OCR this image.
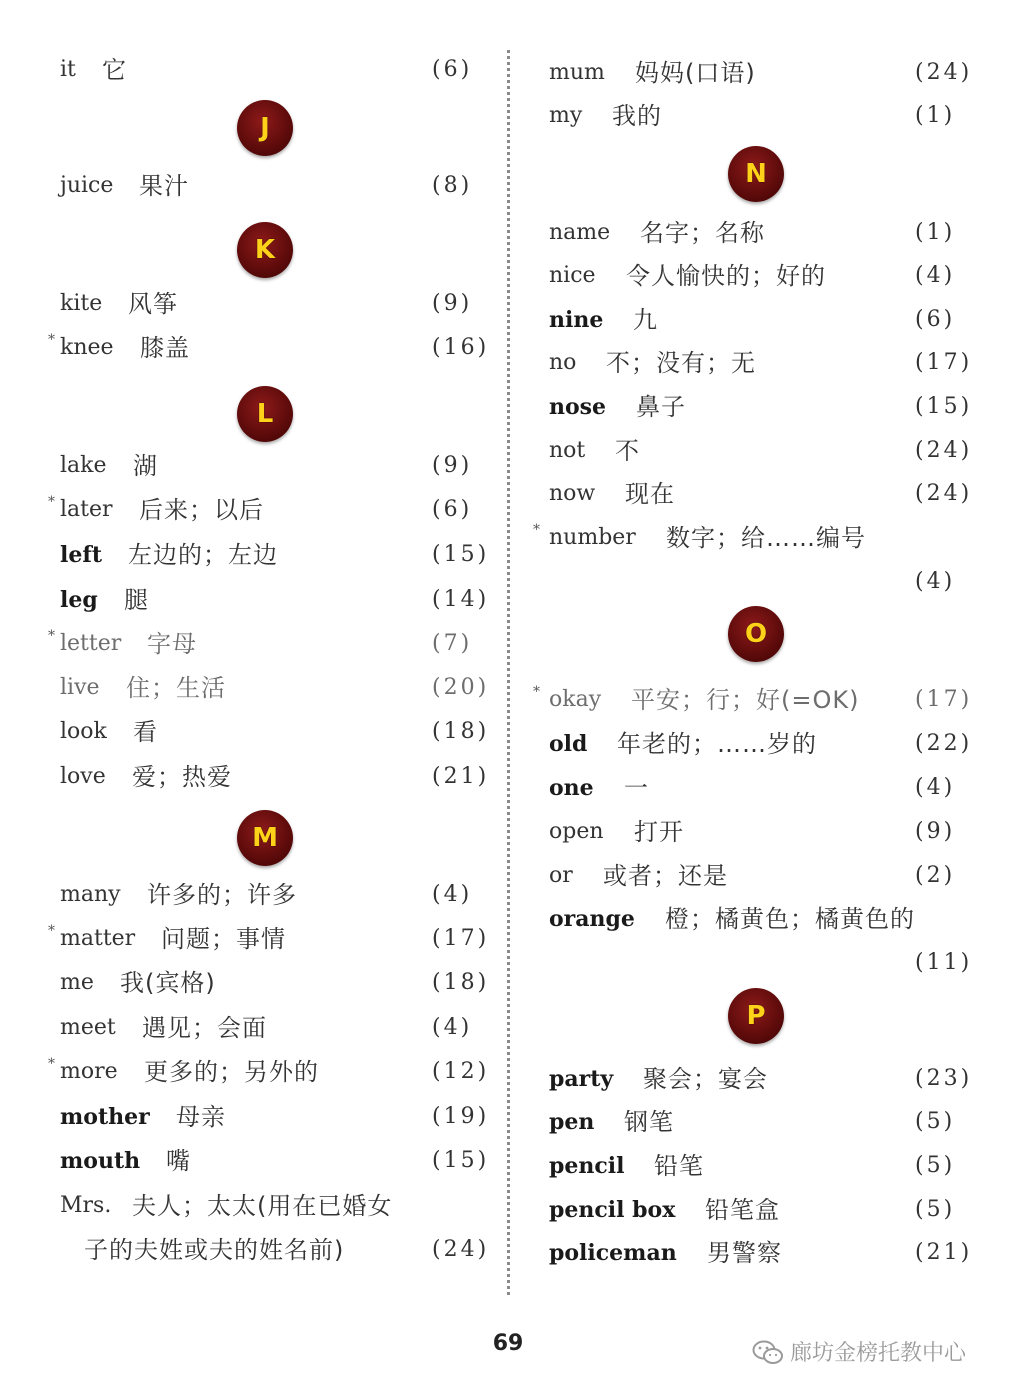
it 它	(6)
J
juice 果汁	(8)
K
kite 风筝	(9)
* knee 膝盖	(16)
L
lake 湖	(9)
* later 后来；以后	(6)
left 左边的；左边	(15)
leg 腿	(14)
* letter 字母	(7)
live 住；生活	(20)
look 看	(18)
love 爱；热爱	(21)
M
many 许多的；许多	(4)
* matter 问题；事情	(17)
me 我(宾格)	(18)
meet 遇见；会面	(4)
* more 更多的；另外的	(12)
mother 母亲	(19)
mouth 嘴	(15)
Mrs. 夫人；太太(用在已婚女
子的夫姓或夫的姓名前)	(24)
mum 妈妈(口语)	(24)
my 我的	(1)
N
name 名字；名称	(1)
nice 令人愉快的；好的	(4)
nine 九	(6)
no 不；没有；无	(17)
nose 鼻子	(15)
not 不	(24)
now 现在	(24)
* number 数字；给……编号
(4)
O
* okay 平安；行；好(=OK)	(17)
old 年老的；……岁的	(22)
one 一	(4)
open 打开	(9)
or 或者；还是	(2)
orange 橙；橘黄色；橘黄色的
(11)
P
party 聚会；宴会	(23)
pen 钢笔	(5)
pencil 铅笔	(5)
pencil box 铅笔盒	(5)
policeman 男警察	(21)
69	廊坊金榜托教中心
